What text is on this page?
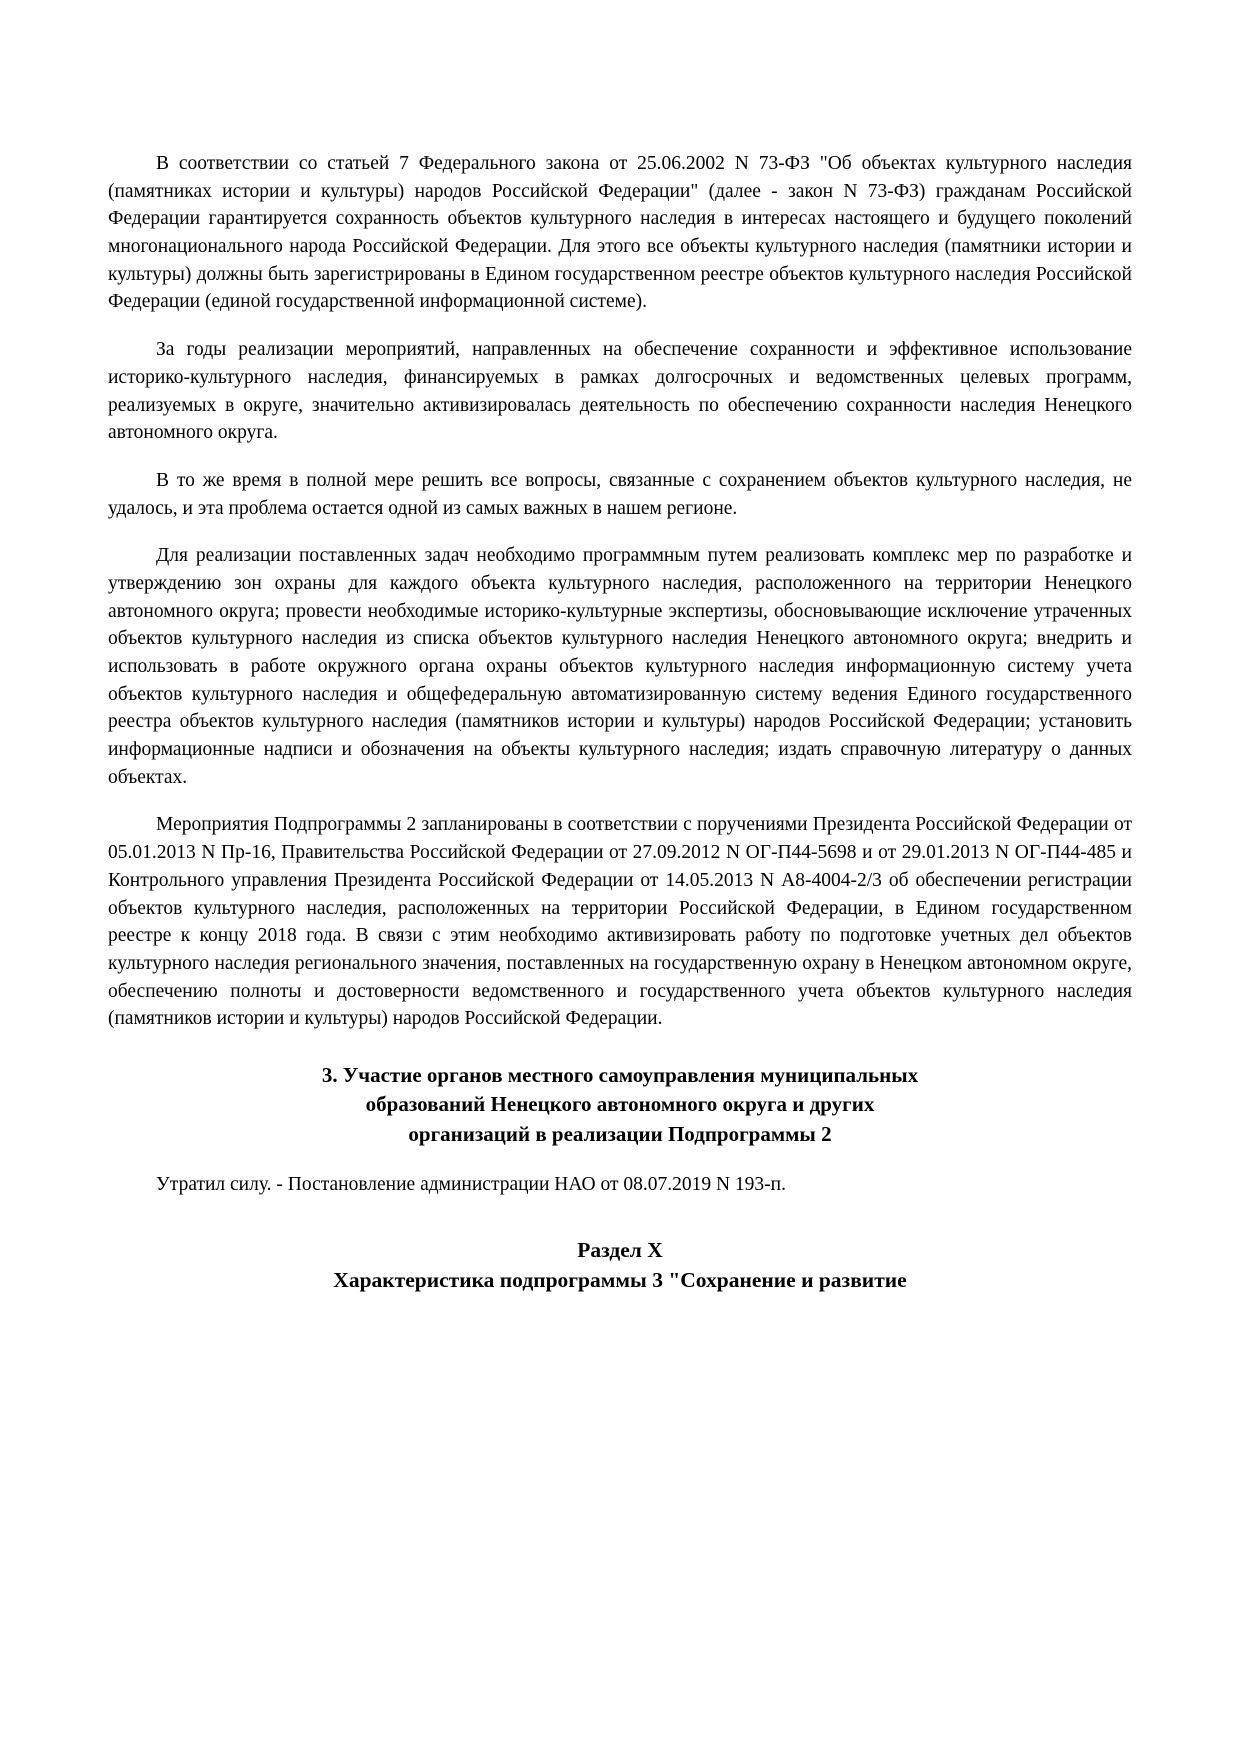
В соответствии со статьей 7 Федерального закона от 25.06.2002 N 73-ФЗ "Об объектах культурного наследия (памятниках истории и культуры) народов Российской Федерации" (далее - закон N 73-ФЗ) гражданам Российской Федерации гарантируется сохранность объектов культурного наследия в интересах настоящего и будущего поколений многонационального народа Российской Федерации. Для этого все объекты культурного наследия (памятники истории и культуры) должны быть зарегистрированы в Едином государственном реестре объектов культурного наследия Российской Федерации (единой государственной информационной системе).

За годы реализации мероприятий, направленных на обеспечение сохранности и эффективное использование историко-культурного наследия, финансируемых в рамках долгосрочных и ведомственных целевых программ, реализуемых в округе, значительно активизировалась деятельность по обеспечению сохранности наследия Ненецкого автономного округа.

В то же время в полной мере решить все вопросы, связанные с сохранением объектов культурного наследия, не удалось, и эта проблема остается одной из самых важных в нашем регионе.

Для реализации поставленных задач необходимо программным путем реализовать комплекс мер по разработке и утверждению зон охраны для каждого объекта культурного наследия, расположенного на территории Ненецкого автономного округа; провести необходимые историко-культурные экспертизы, обосновывающие исключение утраченных объектов культурного наследия из списка объектов культурного наследия Ненецкого автономного округа; внедрить и использовать в работе окружного органа охраны объектов культурного наследия информационную систему учета объектов культурного наследия и общефедеральную автоматизированную систему ведения Единого государственного реестра объектов культурного наследия (памятников истории и культуры) народов Российской Федерации; установить информационные надписи и обозначения на объекты культурного наследия; издать справочную литературу о данных объектах.

Мероприятия Подпрограммы 2 запланированы в соответствии с поручениями Президента Российской Федерации от 05.01.2013 N Пр-16, Правительства Российской Федерации от 27.09.2012 N ОГ-П44-5698 и от 29.01.2013 N ОГ-П44-485 и Контрольного управления Президента Российской Федерации от 14.05.2013 N А8-4004-2/3 об обеспечении регистрации объектов культурного наследия, расположенных на территории Российской Федерации, в Едином государственном реестре к концу 2018 года. В связи с этим необходимо активизировать работу по подготовке учетных дел объектов культурного наследия регионального значения, поставленных на государственную охрану в Ненецком автономном округе, обеспечению полноты и достоверности ведомственного и государственного учета объектов культурного наследия (памятников истории и культуры) народов Российской Федерации.

3. Участие органов местного самоуправления муниципальных
образований Ненецкого автономного округа и других
организаций в реализации Подпрограммы 2

Утратил силу. - Постановление администрации НАО от 08.07.2019 N 193-п.

Раздел X
Характеристика подпрограммы 3 "Сохранение и развитие
